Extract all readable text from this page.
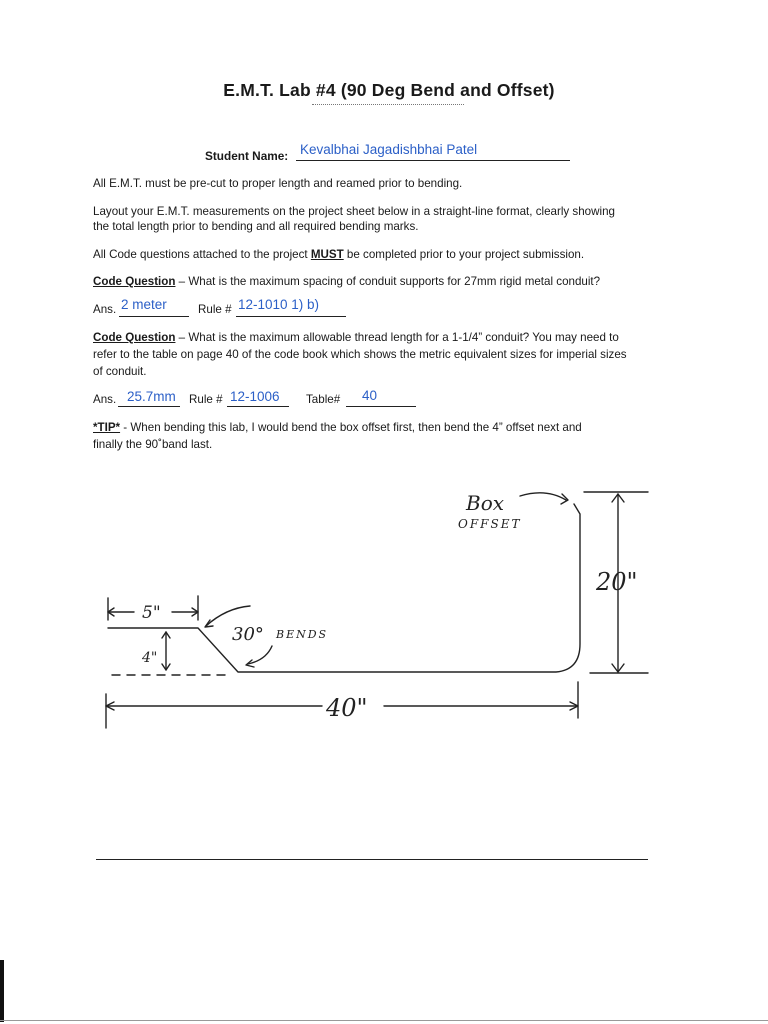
E.M.T. Lab #4 (90 Deg Bend and Offset)
Student Name: Kevalbhai Jagadishbhai Patel
All E.M.T. must be pre-cut to proper length and reamed prior to bending.
Layout your E.M.T. measurements on the project sheet below in a straight-line format, clearly showing
the total length prior to bending and all required bending marks.
All Code questions attached to the project MUST be completed prior to your project submission.
Code Question – What is the maximum spacing of conduit supports for 27mm rigid metal conduit?
Ans. 2 meter	Rule # 12-1010 1) b)
Code Question – What is the maximum allowable thread length for a 1-1/4” conduit? You may need to
refer to the table on page 40 of the code book which shows the metric equivalent sizes for imperial sizes
of conduit.
Ans. 25.7mm Rule # 12-1006 Table# 40
*TIP* - When bending this lab, I would bend the box offset first, then bend the 4” offset next and
finally the 90˚band last.
Box
OFFSET
20"
5"
4"
30° BENDS
40"
